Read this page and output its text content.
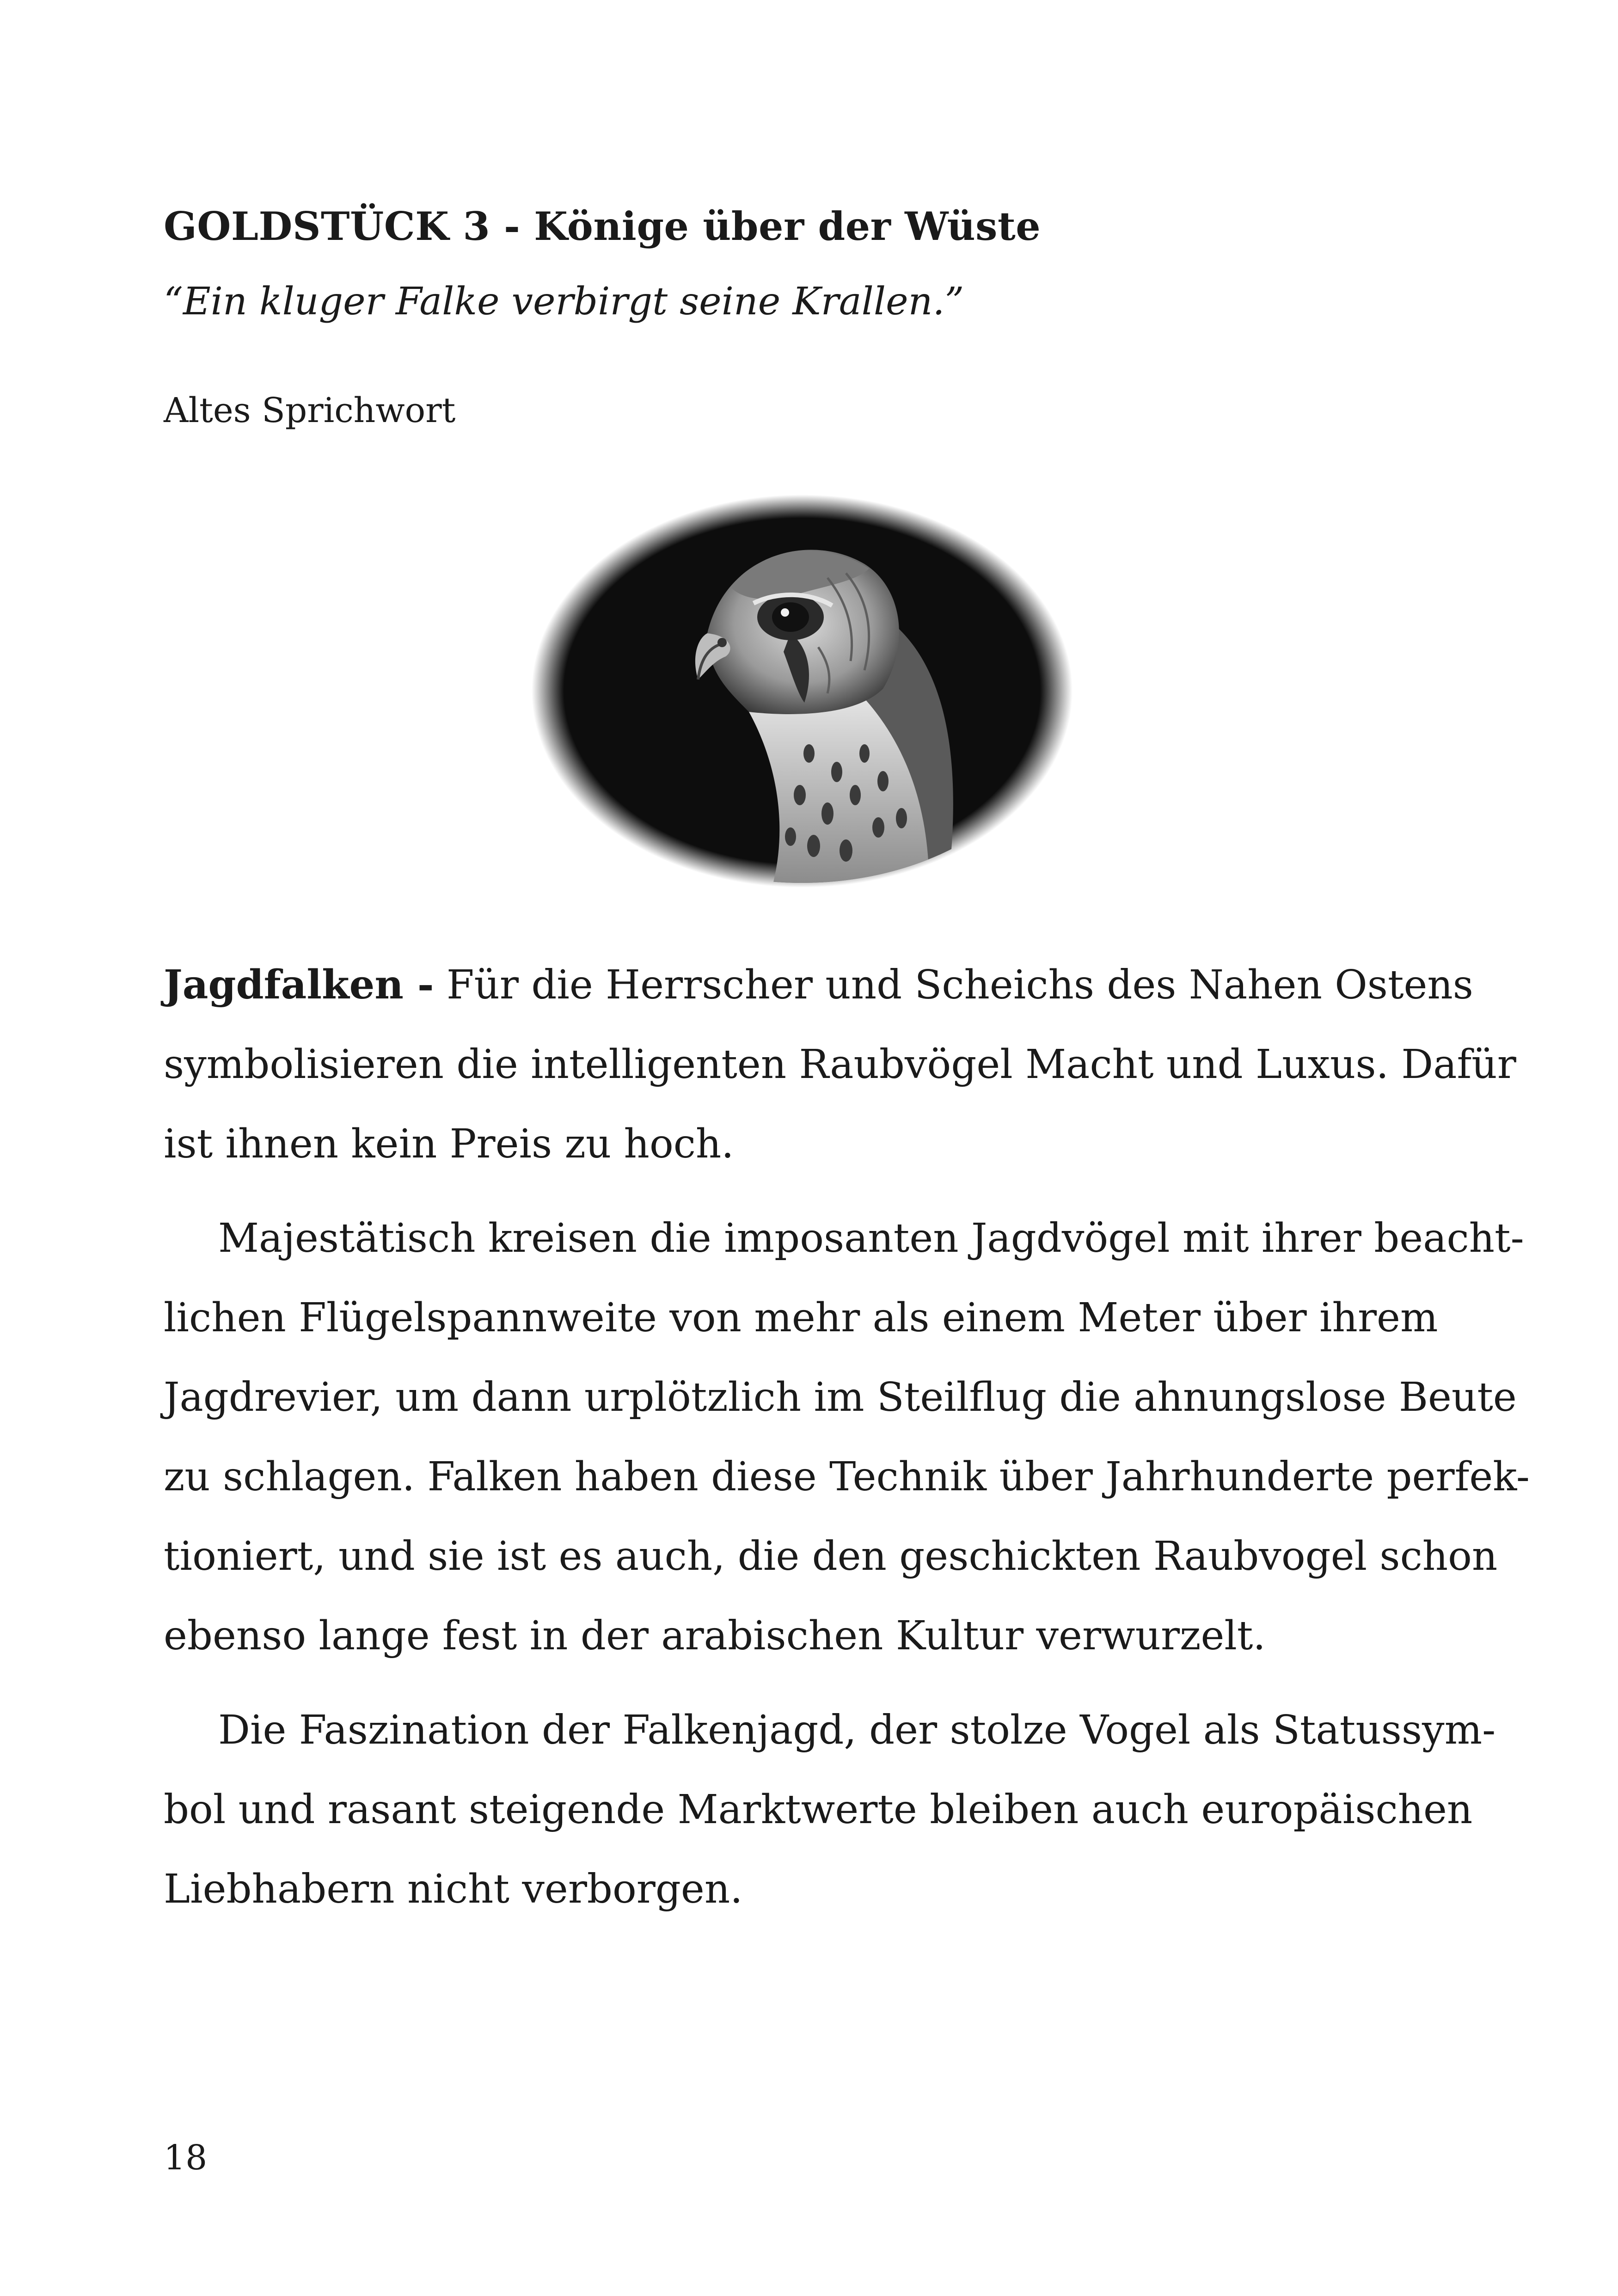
GOLDSTÜCK 3 - Könige über der Wüste
“Ein kluger Falke verbirgt seine Krallen.”
Altes Sprichwort

Jagdfalken - Für die Herrscher und Scheichs des Nahen Ostens
symbolisieren die intelligenten Raubvögel Macht und Luxus. Dafür
ist ihnen kein Preis zu hoch.

Majestätisch kreisen die imposanten Jagdvögel mit ihrer beacht-
lichen Flügelspannweite von mehr als einem Meter über ihrem
Jagdrevier, um dann urplötzlich im Steilflug die ahnungslose Beute
zu schlagen. Falken haben diese Technik über Jahrhunderte perfek-
tioniert, und sie ist es auch, die den geschickten Raubvogel schon
ebenso lange fest in der arabischen Kultur verwurzelt.

Die Faszination der Falkenjagd, der stolze Vogel als Statussym-
bol und rasant steigende Marktwerte bleiben auch europäischen
Liebhabern nicht verborgen.

18
